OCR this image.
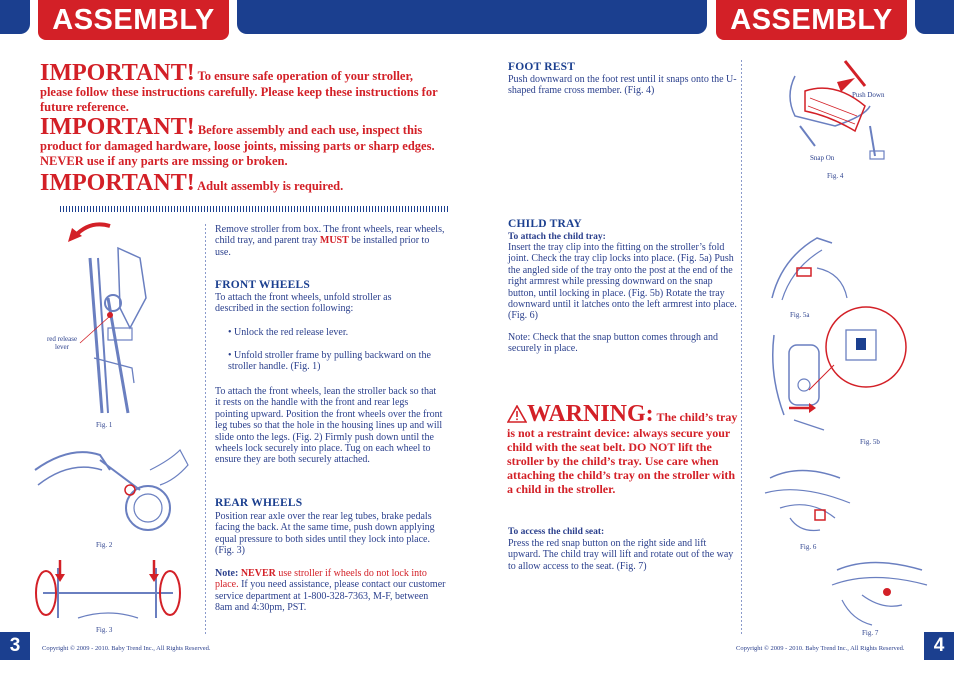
ASSEMBLY	ASSEMBLY
IMPORTANT! To ensure safe operation of your stroller,
please follow these instructions carefully. Please keep these instructions for future reference.
IMPORTANT! Before assembly and each use, inspect this
product for damaged hardware, loose joints, missing parts or sharp edges. NEVER use if any parts are mssing or broken.
IMPORTANT! Adult assembly is required.
Remove stroller from box. The front wheels, rear wheels, child tray, and parent tray MUST be installed prior to use.
FRONT WHEELS
To attach the front wheels, unfold stroller as described in the section following:
• Unlock the red release lever.
• Unfold stroller frame by pulling backward on the stroller handle. (Fig. 1)
To attach the front wheels, lean the stroller back so that it rests on the handle with the front and rear legs pointing upward. Position the front wheels over the front leg tubes so that the hole in the housing lines up and will slide onto the legs. (Fig. 2) Firmly push down until the wheels lock securely into place. Tug on each wheel to ensure they are both securely attached.
REAR WHEELS
Position rear axle over the rear leg tubes, brake pedals facing the back. At the same time, push down applying equal pressure to both sides until they lock into place. (Fig. 3)
Note: NEVER use stroller if wheels do not lock into place. If you need assistance, please contact our customer service department at 1-800-328-7363, M-F, between 8am and 4:30pm, PST.
red release lever
Fig. 1
Fig. 2
Fig. 3
FOOT REST
Push downward on the foot rest until it snaps onto the U-shaped frame cross member. (Fig. 4)
CHILD TRAY
To attach the child tray:
Insert the tray clip into the fitting on the stroller’s fold joint. Check the tray clip locks into place. (Fig. 5a) Push the angled side of the tray onto the post at the end of the right armrest while pressing downward on the snap button, until locking in place. (Fig. 5b) Rotate the tray downward until it latches onto the left armrest into place. (Fig. 6)
Note: Check that the snap button comes through and securely in place.
WARNING: The child’s tray
is not a restraint device: always secure your child with the seat belt. DO NOT lift the stroller by the child’s tray. Use care when attaching the child’s tray on the stroller with a child in the stroller.
To access the child seat:
Press the red snap button on the right side and lift upward. The child tray will lift and rotate out of the way to allow access to the seat. (Fig. 7)
Push Down
Snap On
Fig. 4
Fig. 5a
Fig. 5b
Fig. 6
Fig. 7
3	Copyright © 2009 - 2010. Baby Trend Inc., All Rights Reserved.	Copyright © 2009 - 2010. Baby Trend Inc., All Rights Reserved.	4
